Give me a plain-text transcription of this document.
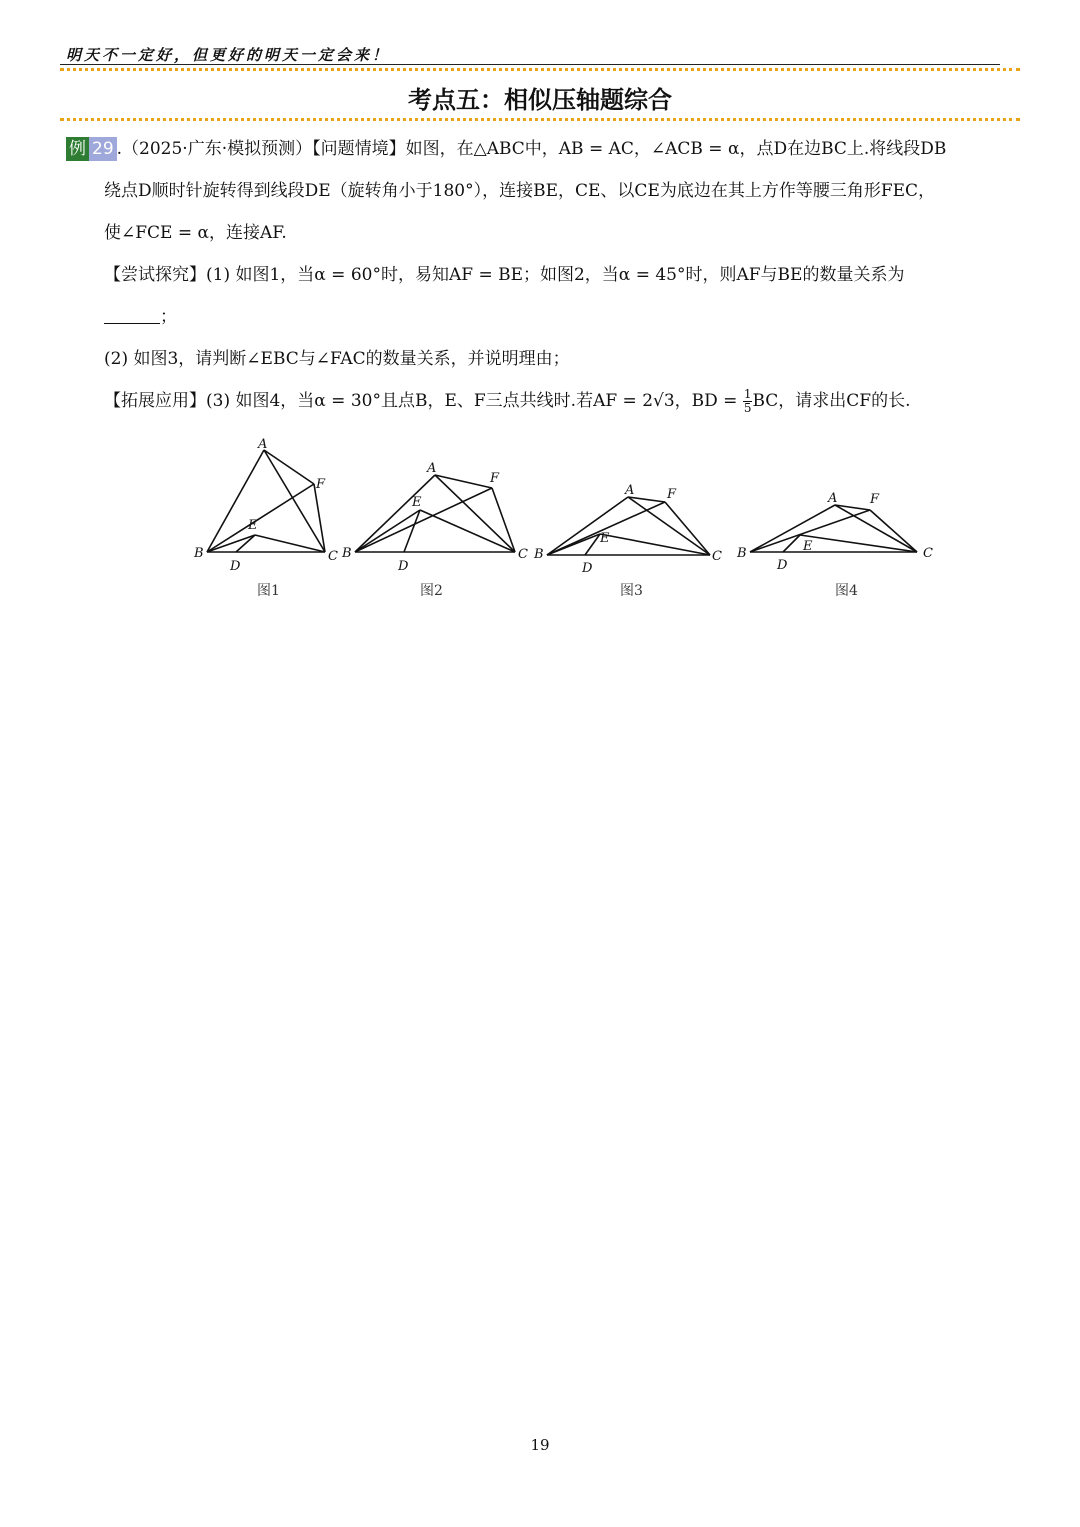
明天不一定好，但更好的明天一定会来！
考点五：相似压轴题综合
例 29 .（2025·广东·模拟预测）【问题情境】如图，在△ABC中，AB = AC，∠ACB = α，点D在边BC上.将线段DB
绕点D顺时针旋转得到线段DE（旋转角小于180°），连接BE，CE、以CE为底边在其上方作等腰三角形FEC，
使∠FCE = α，连接AF.
【尝试探究】(1) 如图1，当α = 60°时，易知AF = BE；如图2，当α = 45°时，则AF与BE的数量关系为
；
(2) 如图3，请判断∠EBC与∠FAC的数量关系，并说明理由；
【拓展应用】(3) 如图4，当α = 30°且点B，E、F三点共线时.若AF = 2√3，BD = $\frac{1}{5}$ BC，请求出CF的长.
A
F
E
B
D
C
图1
A
F
E
B
D
C
图2
A	F
E
B
D
C
图3
A	F
E
B
D
C
图4
19
